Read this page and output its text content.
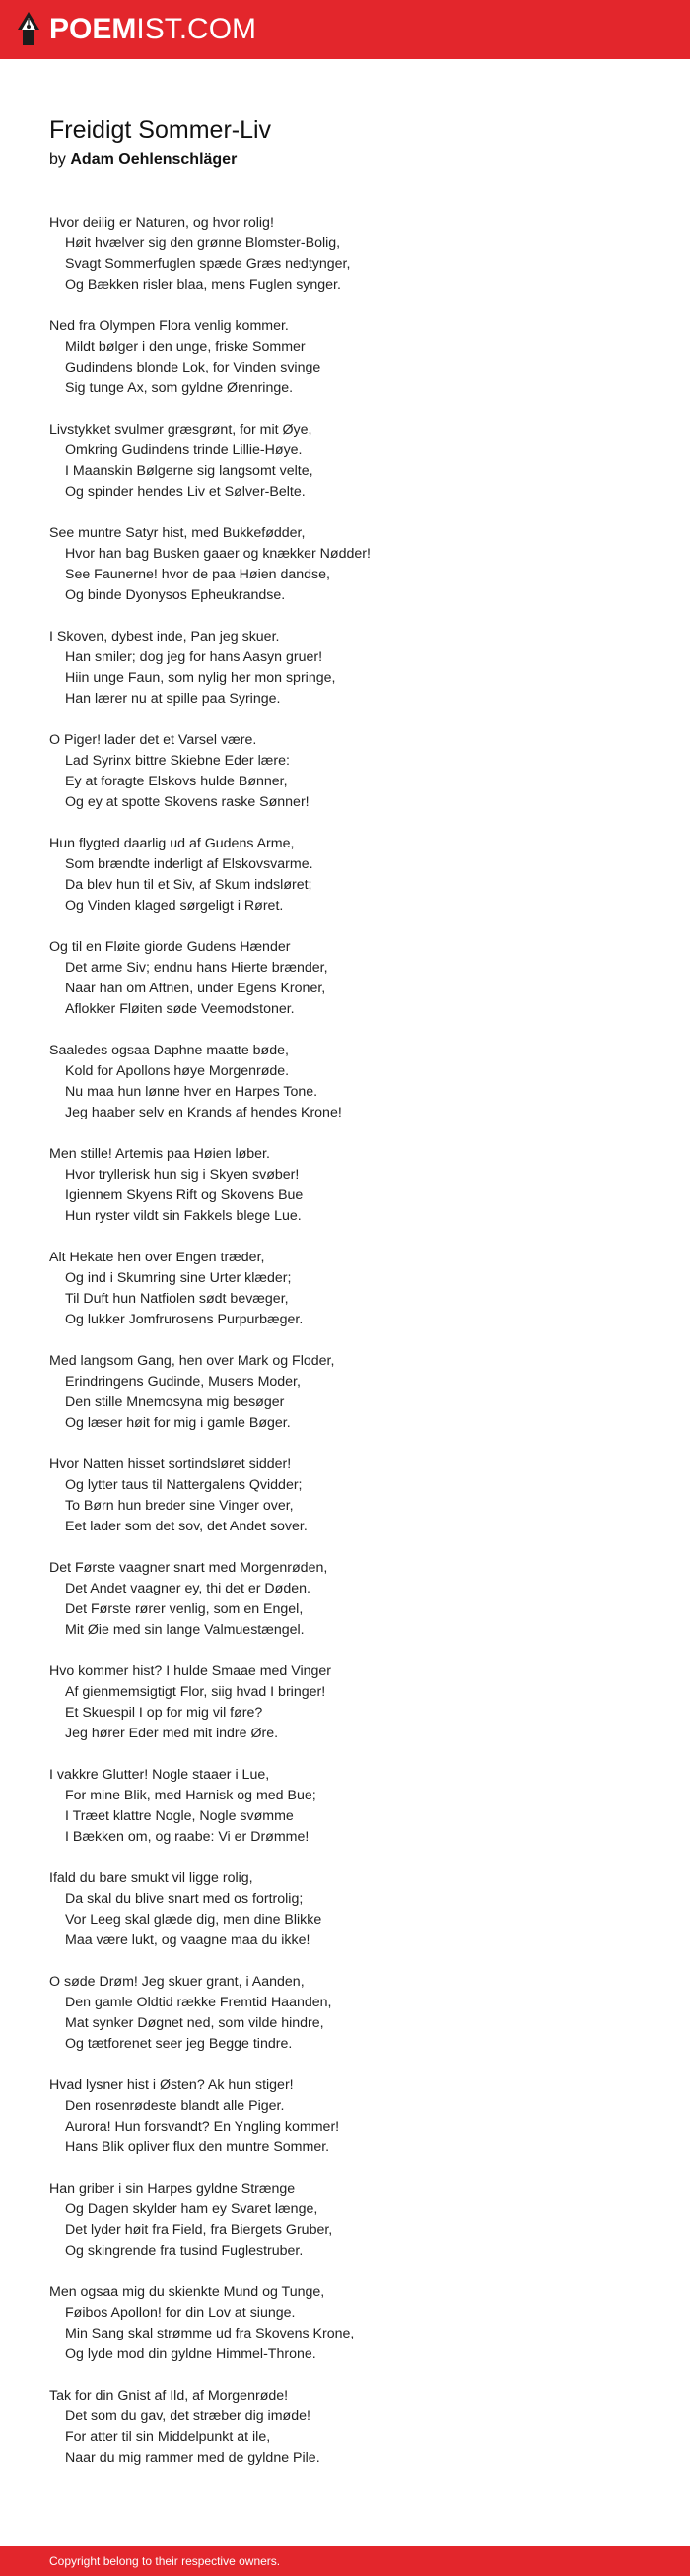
POEMIST.COM
Freidigt Sommer-Liv
by Adam Oehlenschläger
Hvor deilig er Naturen, og hvor rolig!
Høit hvælver sig den grønne Blomster-Bolig,
Svagt Sommerfuglen spæde Græs nedtynger,
Og Bækken risler blaa, mens Fuglen synger.
Ned fra Olympen Flora venlig kommer.
Mildt bølger i den unge, friske Sommer
Gudindens blonde Lok, for Vinden svinge
Sig tunge Ax, som gyldne Ørenringe.
Livstykket svulmer græsgrønt, for mit Øye,
Omkring Gudindens trinde Lillie-Høye.
I Maanskin Bølgerne sig langsomt velte,
Og spinder hendes Liv et Sølver-Belte.
See muntre Satyr hist, med Bukkefødder,
Hvor han bag Busken gaaer og knækker Nødder!
See Faunerne! hvor de paa Høien dandse,
Og binde Dyonysos Epheukrandse.
I Skoven, dybest inde, Pan jeg skuer.
Han smiler; dog jeg for hans Aasyn gruer!
Hiin unge Faun, som nylig her mon springe,
Han lærer nu at spille paa Syringe.
O Piger! lader det et Varsel være.
Lad Syrinx bittre Skiebne Eder lære:
Ey at foragte Elskovs hulde Bønner,
Og ey at spotte Skovens raske Sønner!
Hun flygted daarlig ud af Gudens Arme,
Som brændte inderligt af Elskovsvarme.
Da blev hun til et Siv, af Skum indsløret;
Og Vinden klaged sørgeligt i Røret.
Og til en Fløite giorde Gudens Hænder
Det arme Siv; endnu hans Hierte brænder,
Naar han om Aftnen, under Egens Kroner,
Aflokker Fløiten søde Veemodstoner.
Saaledes ogsaa Daphne maatte bøde,
Kold for Apollons høye Morgenrøde.
Nu maa hun lønne hver en Harpes Tone.
Jeg haaber selv en Krands af hendes Krone!
Men stille! Artemis paa Høien løber.
Hvor tryllerisk hun sig i Skyen svøber!
Igiennem Skyens Rift og Skovens Bue
Hun ryster vildt sin Fakkels blege Lue.
Alt Hekate hen over Engen træder,
Og ind i Skumring sine Urter klæder;
Til Duft hun Natfiolen sødt bevæger,
Og lukker Jomfrurosens Purpurbæger.
Med langsom Gang, hen over Mark og Floder,
Erindringens Gudinde, Musers Moder,
Den stille Mnemosyna mig besøger
Og læser høit for mig i gamle Bøger.
Hvor Natten hisset sortindsløret sidder!
Og lytter taus til Nattergalens Qvidder;
To Børn hun breder sine Vinger over,
Eet lader som det sov, det Andet sover.
Det Første vaagner snart med Morgenrøden,
Det Andet vaagner ey, thi det er Døden.
Det Første rører venlig, som en Engel,
Mit Øie med sin lange Valmuestængel.
Hvo kommer hist? I hulde Smaae med Vinger
Af gienmemsigtigt Flor, siig hvad I bringer!
Et Skuespil I op for mig vil føre?
Jeg hører Eder med mit indre Øre.
I vakkre Glutter! Nogle staaer i Lue,
For mine Blik, med Harnisk og med Bue;
I Træet klattre Nogle, Nogle svømme
I Bækken om, og raabe: Vi er Drømme!
Ifald du bare smukt vil ligge rolig,
Da skal du blive snart med os fortrolig;
Vor Leeg skal glæde dig, men dine Blikke
Maa være lukt, og vaagne maa du ikke!
O søde Drøm! Jeg skuer grant, i Aanden,
Den gamle Oldtid række Fremtid Haanden,
Mat synker Døgnet ned, som vilde hindre,
Og tætforenet seer jeg Begge tindre.
Hvad lysner hist i Østen? Ak hun stiger!
Den rosenrødeste blandt alle Piger.
Aurora! Hun forsvandt? En Yngling kommer!
Hans Blik opliver flux den muntre Sommer.
Han griber i sin Harpes gyldne Strænge
Og Dagen skylder ham ey Svaret længe,
Det lyder høit fra Field, fra Biergets Gruber,
Og skingrende fra tusind Fuglestruber.
Men ogsaa mig du skienkte Mund og Tunge,
Føibos Apollon! for din Lov at siunge.
Min Sang skal strømme ud fra Skovens Krone,
Og lyde mod din gyldne Himmel-Throne.
Tak for din Gnist af Ild, af Morgenrøde!
Det som du gav, det stræber dig imøde!
For atter til sin Middelpunkt at ile,
Naar du mig rammer med de gyldne Pile.
Copyright belong to their respective owners.
